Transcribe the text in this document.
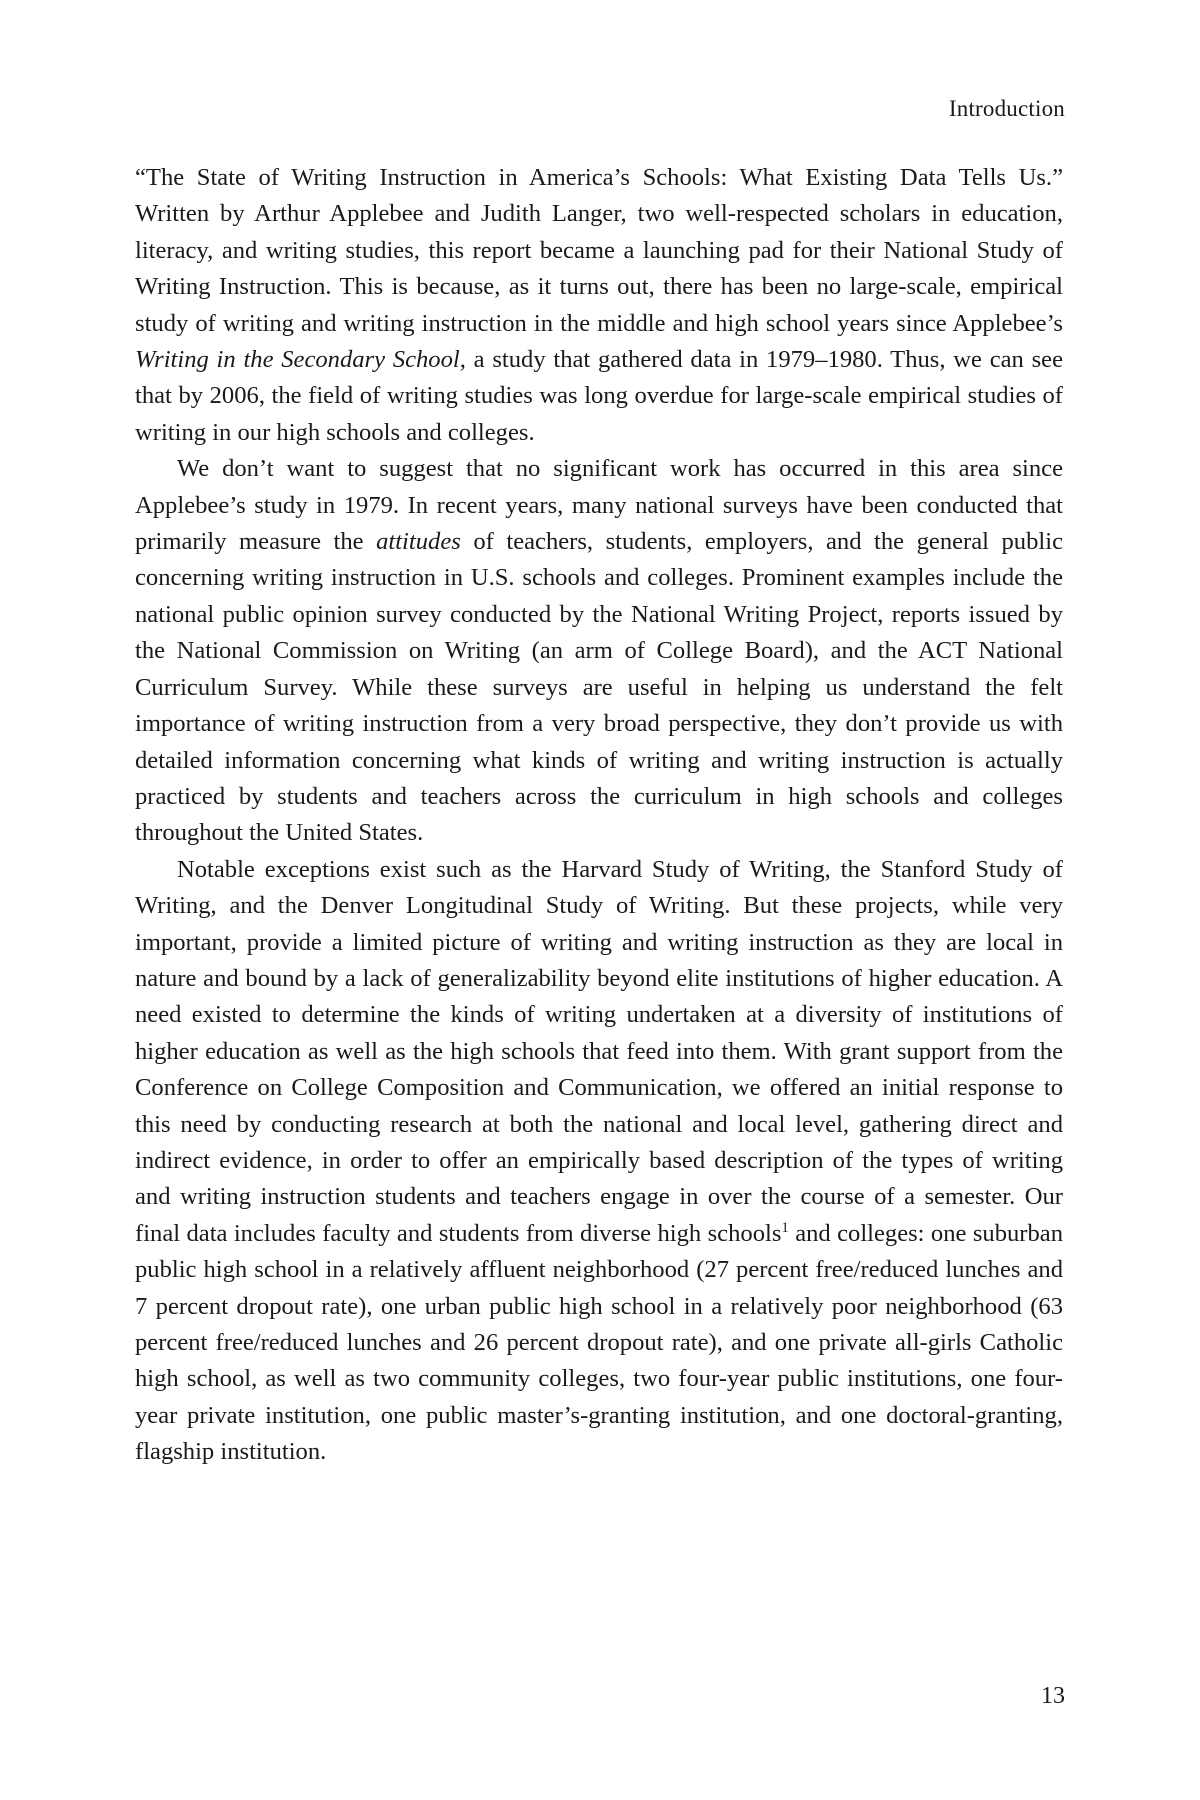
Introduction

“The State of Writing Instruction in America’s Schools: What Existing Data Tells Us.” Written by Arthur Applebee and Judith Langer, two well-respected scholars in education, literacy, and writing studies, this report became a launching pad for their National Study of Writing Instruction. This is because, as it turns out, there has been no large-scale, empirical study of writing and writing instruction in the middle and high school years since Applebee’s Writing in the Secondary School, a study that gathered data in 1979–1980. Thus, we can see that by 2006, the field of writing studies was long overdue for large-scale empirical studies of writing in our high schools and colleges.

We don’t want to suggest that no significant work has occurred in this area since Applebee’s study in 1979. In recent years, many national surveys have been conducted that primarily measure the attitudes of teachers, students, employers, and the general public concerning writing instruction in U.S. schools and colleges. Prominent examples include the national public opinion survey conducted by the National Writing Project, reports issued by the National Commission on Writing (an arm of College Board), and the ACT National Curriculum Survey. While these surveys are useful in helping us understand the felt importance of writing instruction from a very broad perspective, they don’t provide us with detailed information concerning what kinds of writing and writing instruction is actually practiced by students and teachers across the curriculum in high schools and colleges throughout the United States.

Notable exceptions exist such as the Harvard Study of Writing, the Stanford Study of Writing, and the Denver Longitudinal Study of Writing. But these projects, while very important, provide a limited picture of writing and writing instruction as they are local in nature and bound by a lack of generalizability beyond elite institutions of higher education. A need existed to determine the kinds of writing undertaken at a diversity of institutions of higher education as well as the high schools that feed into them. With grant support from the Conference on College Composition and Communication, we offered an initial response to this need by conducting research at both the national and local level, gathering direct and indirect evidence, in order to offer an empirically based description of the types of writing and writing instruction students and teachers engage in over the course of a semester. Our final data includes faculty and students from diverse high schools$^1$ and colleges: one suburban public high school in a relatively affluent neighborhood (27 percent free/reduced lunches and 7 percent dropout rate), one urban public high school in a relatively poor neighborhood (63 percent free/reduced lunches and 26 percent dropout rate), and one private all-girls Catholic high school, as well as two community colleges, two four-year public institutions, one four-year private institution, one public master’s-granting institution, and one doctoral-granting, flagship institution.

13
